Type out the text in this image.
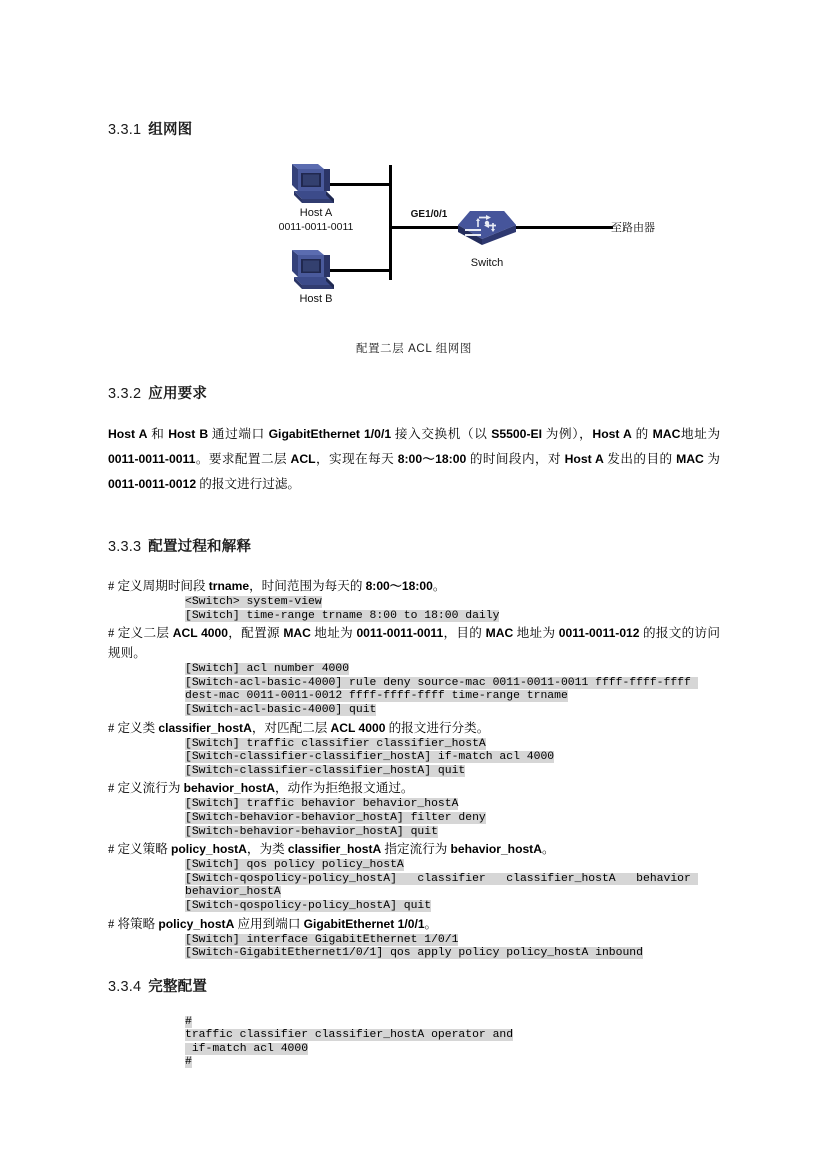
3.3.1 组网图
Host A
0011-0011-0011
Host B
GE1/0/1
Switch
至路由器
配置二层 ACL 组网图
3.3.2 应用要求
Host A 和 Host B 通过端口 GigabitEthernet 1/0/1 接入交换机（以 S5500-EI 为例），Host A 的 MAC地址为 0011-0011-0011。要求配置二层 ACL，实现在每天 8:00～18:00 的时间段内，对 Host A 发出的目的 MAC 为 0011-0011-0012 的报文进行过滤。
3.3.3 配置过程和解释
# 定义周期时间段 trname，时间范围为每天的 8:00～18:00。
<Switch> system-view
[Switch] time-range trname 8:00 to 18:00 daily
# 定义二层 ACL 4000，配置源 MAC 地址为 0011-0011-0011，目的 MAC 地址为 0011-0011-012 的报文的访问规则。
[Switch] acl number 4000
[Switch-acl-basic-4000] rule deny source-mac 0011-0011-0011 ffff-ffff-ffff dest-mac 0011-0011-0012 ffff-ffff-ffff time-range trname
[Switch-acl-basic-4000] quit
# 定义类 classifier_hostA，对匹配二层 ACL 4000 的报文进行分类。
[Switch] traffic classifier classifier_hostA
[Switch-classifier-classifier_hostA] if-match acl 4000
[Switch-classifier-classifier_hostA] quit
# 定义流行为 behavior_hostA，动作为拒绝报文通过。
[Switch] traffic behavior behavior_hostA
[Switch-behavior-behavior_hostA] filter deny
[Switch-behavior-behavior_hostA] quit
# 定义策略 policy_hostA，为类 classifier_hostA 指定流行为 behavior_hostA。
[Switch] qos policy policy_hostA
[Switch-qospolicy-policy_hostA]   classifier   classifier_hostA   behavior behavior_hostA
[Switch-qospolicy-policy_hostA] quit
# 将策略 policy_hostA 应用到端口 GigabitEthernet 1/0/1。
[Switch] interface GigabitEthernet 1/0/1
[Switch-GigabitEthernet1/0/1] qos apply policy policy_hostA inbound
3.3.4 完整配置
#
traffic classifier classifier_hostA operator and
if-match acl 4000
#
